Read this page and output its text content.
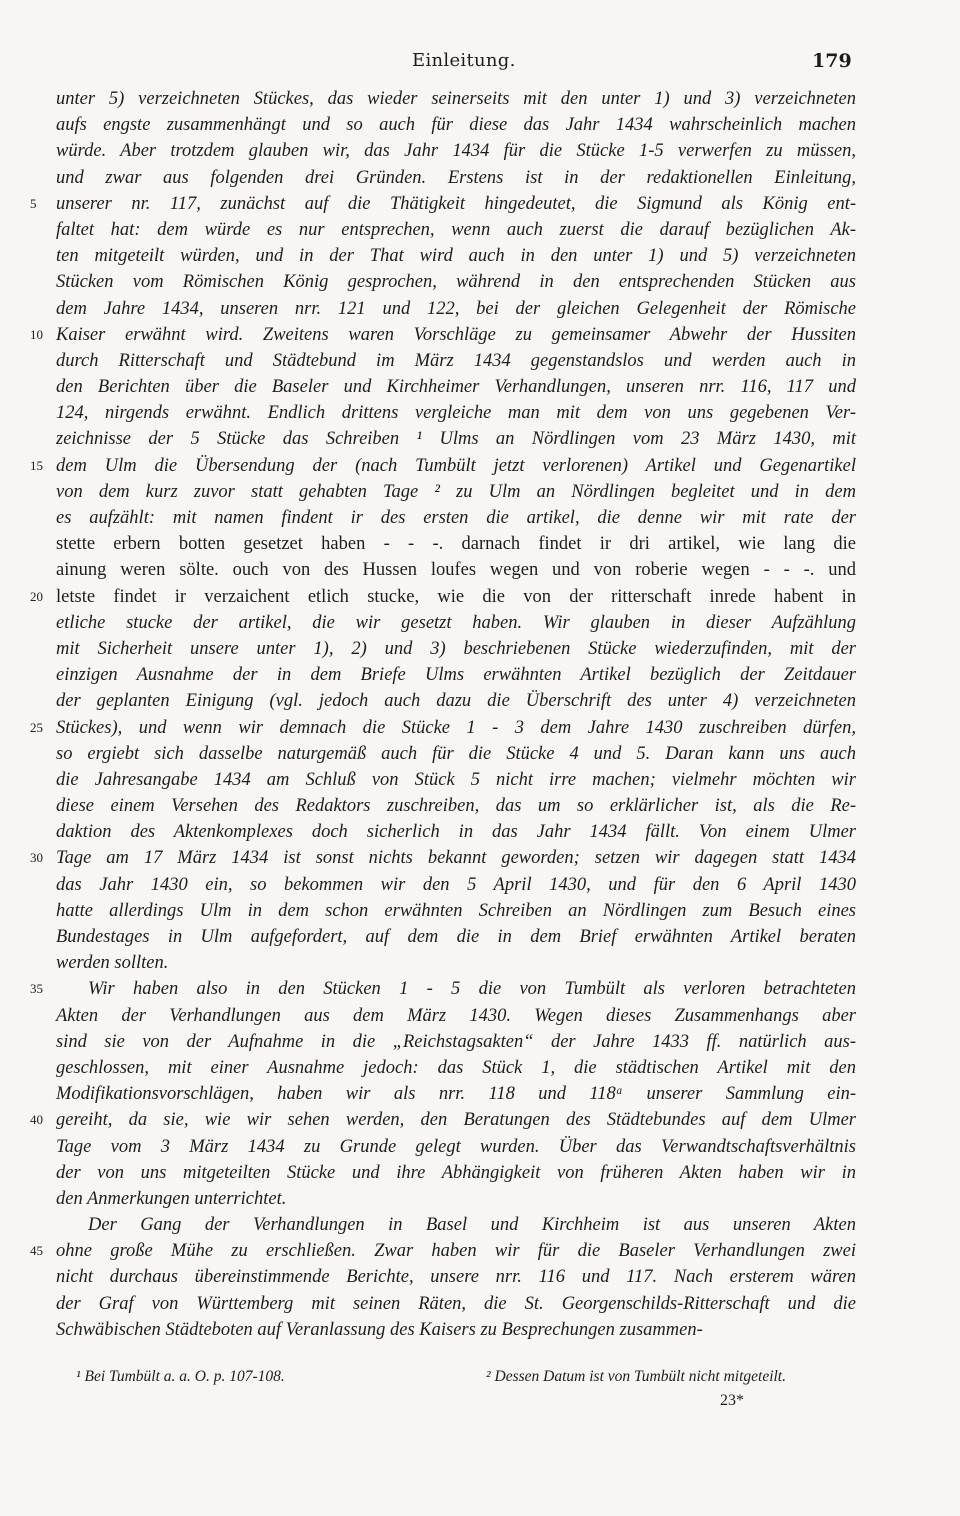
Einleitung.	179
unter 5) verzeichneten Stückes, das wieder seinerseits mit den unter 1) und 3) verzeichneten
aufs engste zusammenhängt und so auch für diese das Jahr 1434 wahrscheinlich machen
würde. Aber trotzdem glauben wir, das Jahr 1434 für die Stücke 1-5 verwerfen zu müssen,
und zwar aus folgenden drei Gründen. Erstens ist in der redaktionellen Einleitung,
5	unserer nr. 117, zunächst auf die Thätigkeit hingedeutet, die Sigmund als König ent-
faltet hat: dem würde es nur entsprechen, wenn auch zuerst die darauf bezüglichen Ak-
ten mitgeteilt würden, und in der That wird auch in den unter 1) und 5) verzeichneten
Stücken vom Römischen König gesprochen, während in den entsprechenden Stücken aus
dem Jahre 1434, unseren nrr. 121 und 122, bei der gleichen Gelegenheit der Römische
10 Kaiser erwähnt wird. Zweitens waren Vorschläge zu gemeinsamer Abwehr der Hussiten
durch Ritterschaft und Städtebund im März 1434 gegenstandslos und werden auch in
den Berichten über die Baseler und Kirchheimer Verhandlungen, unseren nrr. 116, 117 und
124, nirgends erwähnt. Endlich drittens vergleiche man mit dem von uns gegebenen Ver-
zeichnisse der 5 Stücke das Schreiben ¹ Ulms an Nördlingen vom 23 März 1430, mit
15 dem Ulm die Übersendung der (nach Tumbült jetzt verlorenen) Artikel und Gegenartikel
von dem kurz zuvor statt gehabten Tage ² zu Ulm an Nördlingen begleitet und in dem
es aufzählt: mit namen findent ir des ersten die artikel, die denne wir mit rate der
stette erbern botten gesetzet haben - - -. darnach findet ir dri artikel, wie lang die
ainung weren sölte. ouch von des Hussen loufes wegen und von roberie wegen - - -. und
20 letste findet ir verzaichent etlich stucke, wie die von der ritterschaft inrede habent in
etliche stucke der artikel, die wir gesetzt haben. Wir glauben in dieser Aufzählung
mit Sicherheit unsere unter 1), 2) und 3) beschriebenen Stücke wiederzufinden, mit der
einzigen Ausnahme der in dem Briefe Ulms erwähnten Artikel bezüglich der Zeitdauer
der geplanten Einigung (vgl. jedoch auch dazu die Überschrift des unter 4) verzeichneten
25 Stückes), und wenn wir demnach die Stücke 1 - 3 dem Jahre 1430 zuschreiben dürfen,
so ergiebt sich dasselbe naturgemäß auch für die Stücke 4 und 5. Daran kann uns auch
die Jahresangabe 1434 am Schluß von Stück 5 nicht irre machen; vielmehr möchten wir
diese einem Versehen des Redaktors zuschreiben, das um so erklärlicher ist, als die Re-
daktion des Aktenkomplexes doch sicherlich in das Jahr 1434 fällt. Von einem Ulmer
30 Tage am 17 März 1434 ist sonst nichts bekannt geworden; setzen wir dagegen statt 1434
das Jahr 1430 ein, so bekommen wir den 5 April 1430, und für den 6 April 1430
hatte allerdings Ulm in dem schon erwähnten Schreiben an Nördlingen zum Besuch eines
Bundestages in Ulm aufgefordert, auf dem die in dem Brief erwähnten Artikel beraten
werden sollten.
35	Wir haben also in den Stücken 1 - 5 die von Tumbült als verloren betrachteten
Akten der Verhandlungen aus dem März 1430. Wegen dieses Zusammenhangs aber
sind sie von der Aufnahme in die „Reichstagsakten“ der Jahre 1433 ff. natürlich aus-
geschlossen, mit einer Ausnahme jedoch: das Stück 1, die städtischen Artikel mit den
Modifikationsvorschlägen, haben wir als nrr. 118 und 118ᵃ unserer Sammlung ein-
40 gereiht, da sie, wie wir sehen werden, den Beratungen des Städtebundes auf dem Ulmer
Tage vom 3 März 1434 zu Grunde gelegt wurden. Über das Verwandtschaftsverhältnis
der von uns mitgeteilten Stücke und ihre Abhängigkeit von früheren Akten haben wir in
den Anmerkungen unterrichtet.
Der Gang der Verhandlungen in Basel und Kirchheim ist aus unseren Akten
45 ohne große Mühe zu erschließen. Zwar haben wir für die Baseler Verhandlungen zwei
nicht durchaus übereinstimmende Berichte, unsere nrr. 116 und 117. Nach ersterem wären
der Graf von Württemberg mit seinen Räten, die St. Georgenschilds-Ritterschaft und die
Schwäbischen Städteboten auf Veranlassung des Kaisers zu Besprechungen zusammen-
¹ Bei Tumbült a. a. O. p. 107-108.	² Dessen Datum ist von Tumbült nicht mitgeteilt.
23*
